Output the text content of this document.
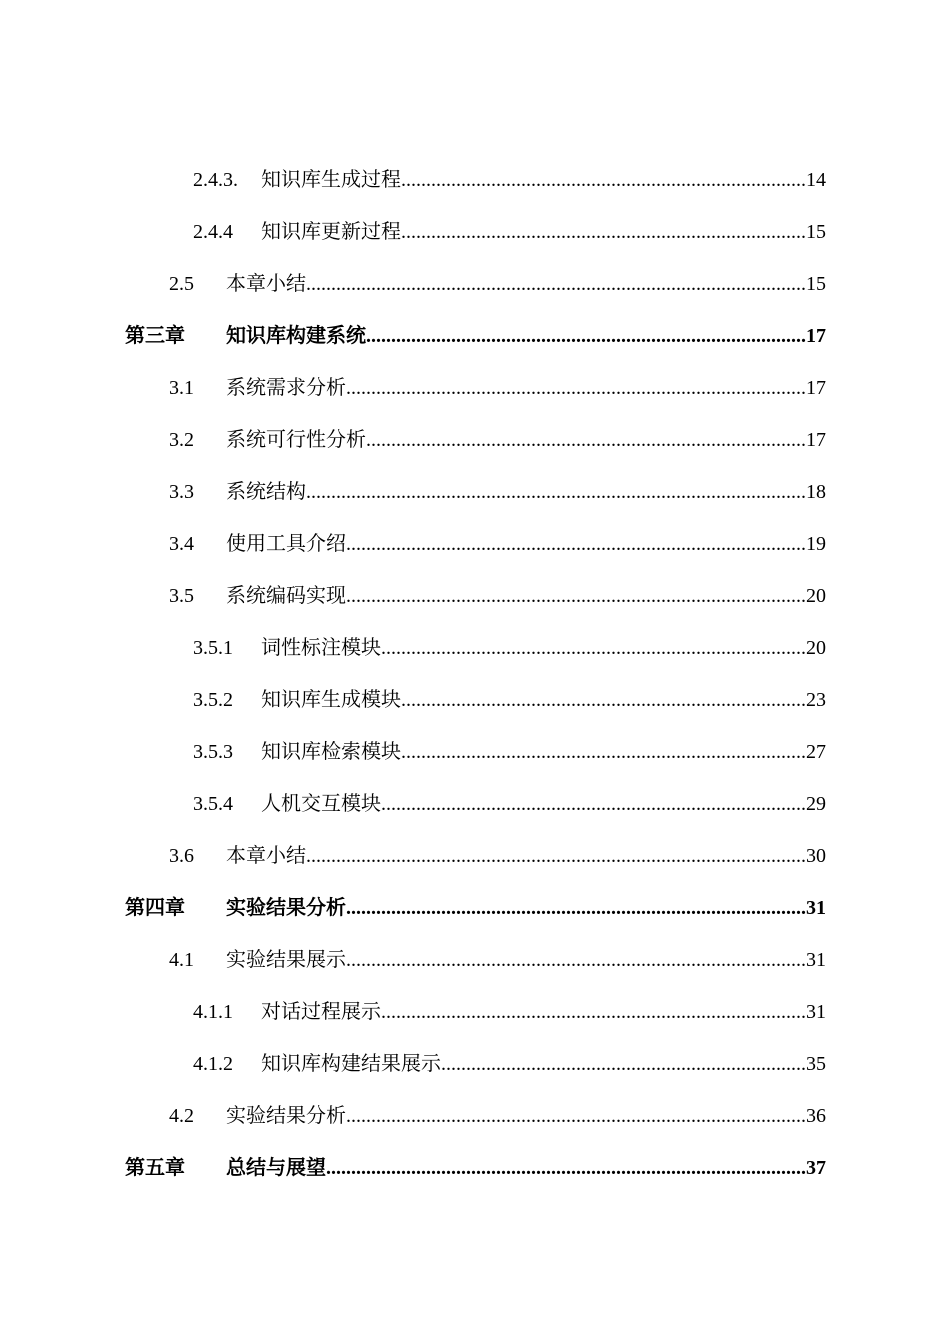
2.4.3. 知识库生成过程 .....	14
2.4.4 知识库更新过程 .....	15
2.5 本章小结 .....	15
第三章 知识库构建系统 .....	17
3.1 系统需求分析 .....	17
3.2 系统可行性分析 .....	17
3.3 系统结构 .....	18
3.4 使用工具介绍 .....	19
3.5 系统编码实现 .....	20
3.5.1 词性标注模块 .....	20
3.5.2 知识库生成模块 .....	23
3.5.3 知识库检索模块 .....	27
3.5.4 人机交互模块 .....	29
3.6 本章小结 .....	30
第四章 实验结果分析 .....	31
4.1 实验结果展示 .....	31
4.1.1 对话过程展示 .....	31
4.1.2 知识库构建结果展示 .....	35
4.2 实验结果分析 .....	36
第五章 总结与展望 .....	37
